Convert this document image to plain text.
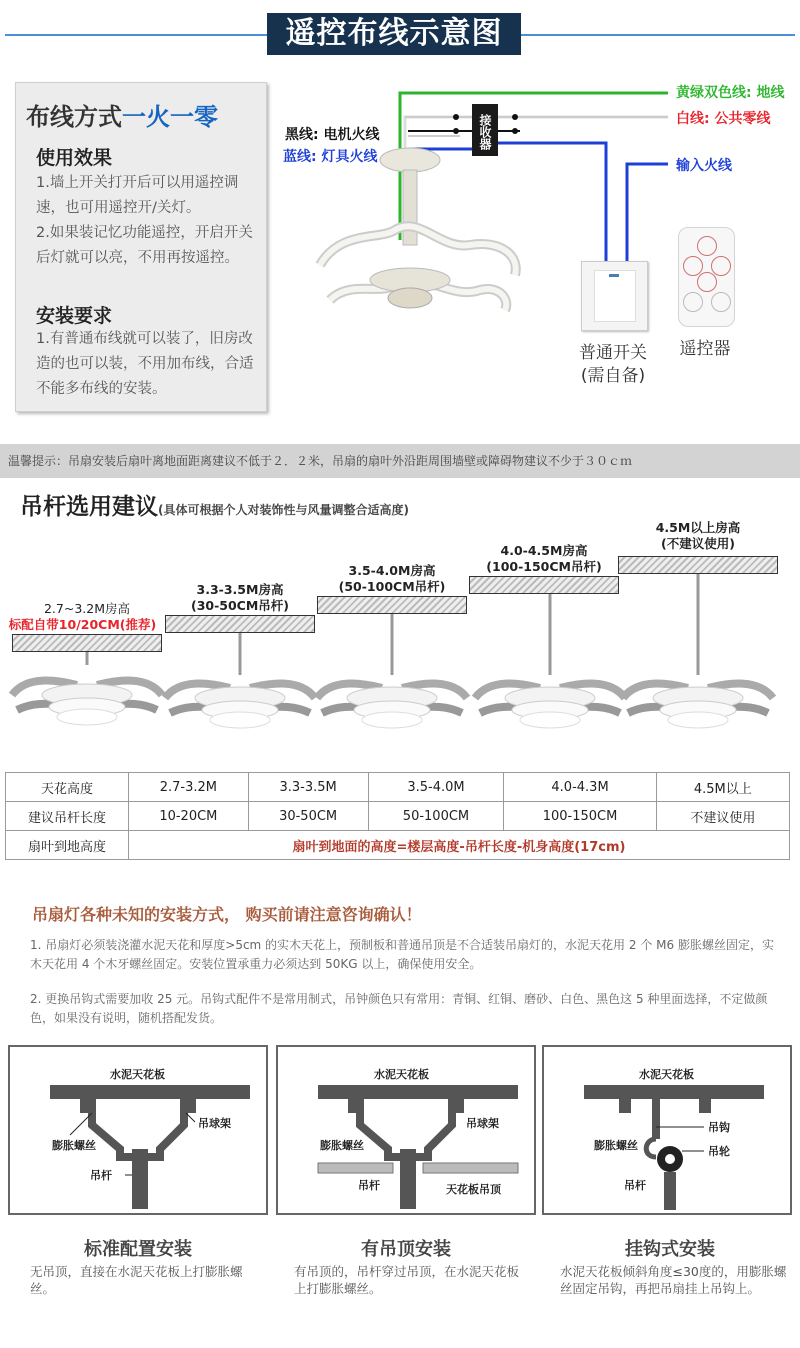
遥控布线示意图
布线方式一火一零
使用效果
1.墙上开关打开后可以用遥控调速，也可用遥控开/关灯。
2.如果装记忆功能遥控，开启开关后灯就可以亮，不用再按遥控。
安装要求
1.有普通布线就可以装了，旧房改造的也可以装，不用加布线，合适不能多布线的安装。
黑线: 电机火线
蓝线: 灯具火线
接收器
黄绿双色线: 地线
白线: 公共零线
输入火线
普通开关
(需自备)
遥控器
温馨提示：吊扇安装后扇叶离地面距离建议不低于２．２米，吊扇的扇叶外沿距周围墙壁或障碍物建议不少于３０ｃｍ
吊杆选用建议(具体可根据个人对装饰性与风量调整合适高度)
2.7~3.2M房高
标配自带10/20CM(推荐)
3.3-3.5M房高
(30-50CM吊杆)
3.5-4.0M房高
(50-100CM吊杆)
4.0-4.5M房高
(100-150CM吊杆)
4.5M以上房高
(不建议使用)
天花高度	2.7-3.2M	3.3-3.5M	3.5-4.0M	4.0-4.3M	4.5M以上
建议吊杆长度	10-20CM	30-50CM	50-100CM	100-150CM	不建议使用
扇叶到地高度	扇叶到地面的高度=楼层高度-吊杆长度-机身高度(17cm)				
吊扇灯各种未知的安装方式， 购买前请注意咨询确认！
1. 吊扇灯必须装浇灌水泥天花和厚度>5cm 的实木天花上，预制板和普通吊顶是不合适装吊扇灯的，水泥天花用 2 个 M6 膨胀螺丝固定，实木天花用 4 个木牙螺丝固定。安装位置承重力必须达到 50KG 以上，确保使用安全。
2. 更换吊钩式需要加收 25 元。吊钩式配件不是常用制式，吊钟颜色只有常用：青铜、红铜、磨砂、白色、黑色这 5 种里面选择，不定做颜色，如果没有说明，随机搭配发货。
水泥天花板
膨胀螺丝
吊球架
吊杆
标准配置安装
无吊顶，直接在水泥天花板上打膨胀螺丝。
水泥天花板
膨胀螺丝
吊球架
吊杆	天花板吊顶
有吊顶安装
有吊顶的，吊杆穿过吊顶，在水泥天花板上打膨胀螺丝。
水泥天花板
膨胀螺丝
吊钩
吊轮
吊杆
挂钩式安装
水泥天花板倾斜角度≤30度的，用膨胀螺丝固定吊钩，再把吊扇挂上吊钩上。
